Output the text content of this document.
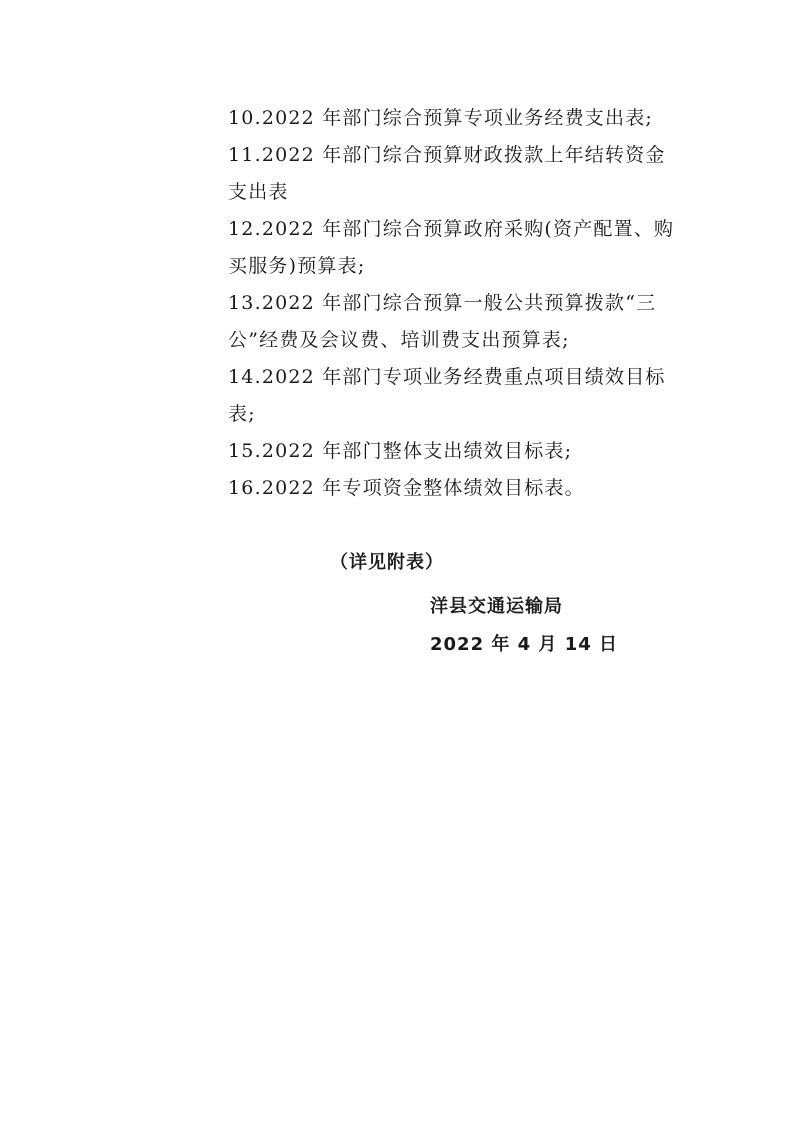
10.2022 年部门综合预算专项业务经费支出表;
11.2022 年部门综合预算财政拨款上年结转资金支出表
12.2022 年部门综合预算政府采购(资产配置、购买服务)预算表;
13.2022 年部门综合预算一般公共预算拨款“三公”经费及会议费、培训费支出预算表;
14.2022 年部门专项业务经费重点项目绩效目标表;
15.2022 年部门整体支出绩效目标表;
16.2022 年专项资金整体绩效目标表。
（详见附表）
洋县交通运输局
2022 年 4 月 14 日
